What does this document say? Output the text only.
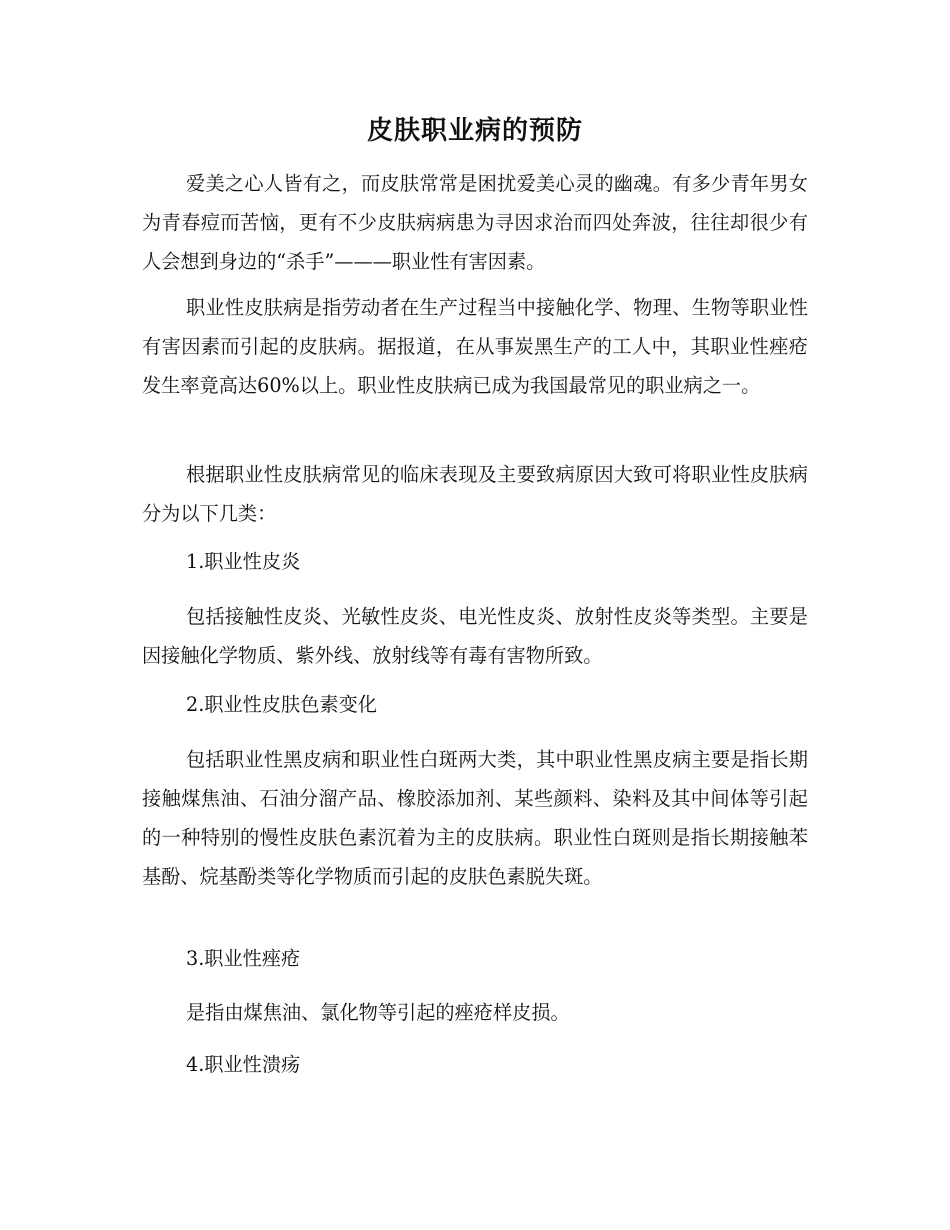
皮肤职业病的预防

爱美之心人皆有之，而皮肤常常是困扰爱美心灵的幽魂。有多少青年男女为青春痘而苦恼，更有不少皮肤病病患为寻因求治而四处奔波，往往却很少有人会想到身边的“杀手”———职业性有害因素。

职业性皮肤病是指劳动者在生产过程当中接触化学、物理、生物等职业性有害因素而引起的皮肤病。据报道，在从事炭黑生产的工人中，其职业性痤疮发生率竟高达60%以上。职业性皮肤病已成为我国最常见的职业病之一。

根据职业性皮肤病常见的临床表现及主要致病原因大致可将职业性皮肤病分为以下几类：

1.职业性皮炎

包括接触性皮炎、光敏性皮炎、电光性皮炎、放射性皮炎等类型。主要是因接触化学物质、紫外线、放射线等有毒有害物所致。

2.职业性皮肤色素变化

包括职业性黑皮病和职业性白斑两大类，其中职业性黑皮病主要是指长期接触煤焦油、石油分溜产品、橡胶添加剂、某些颜料、染料及其中间体等引起的一种特别的慢性皮肤色素沉着为主的皮肤病。职业性白斑则是指长期接触苯基酚、烷基酚类等化学物质而引起的皮肤色素脱失斑。

3.职业性痤疮

是指由煤焦油、氯化物等引起的痤疮样皮损。

4.职业性溃疡
